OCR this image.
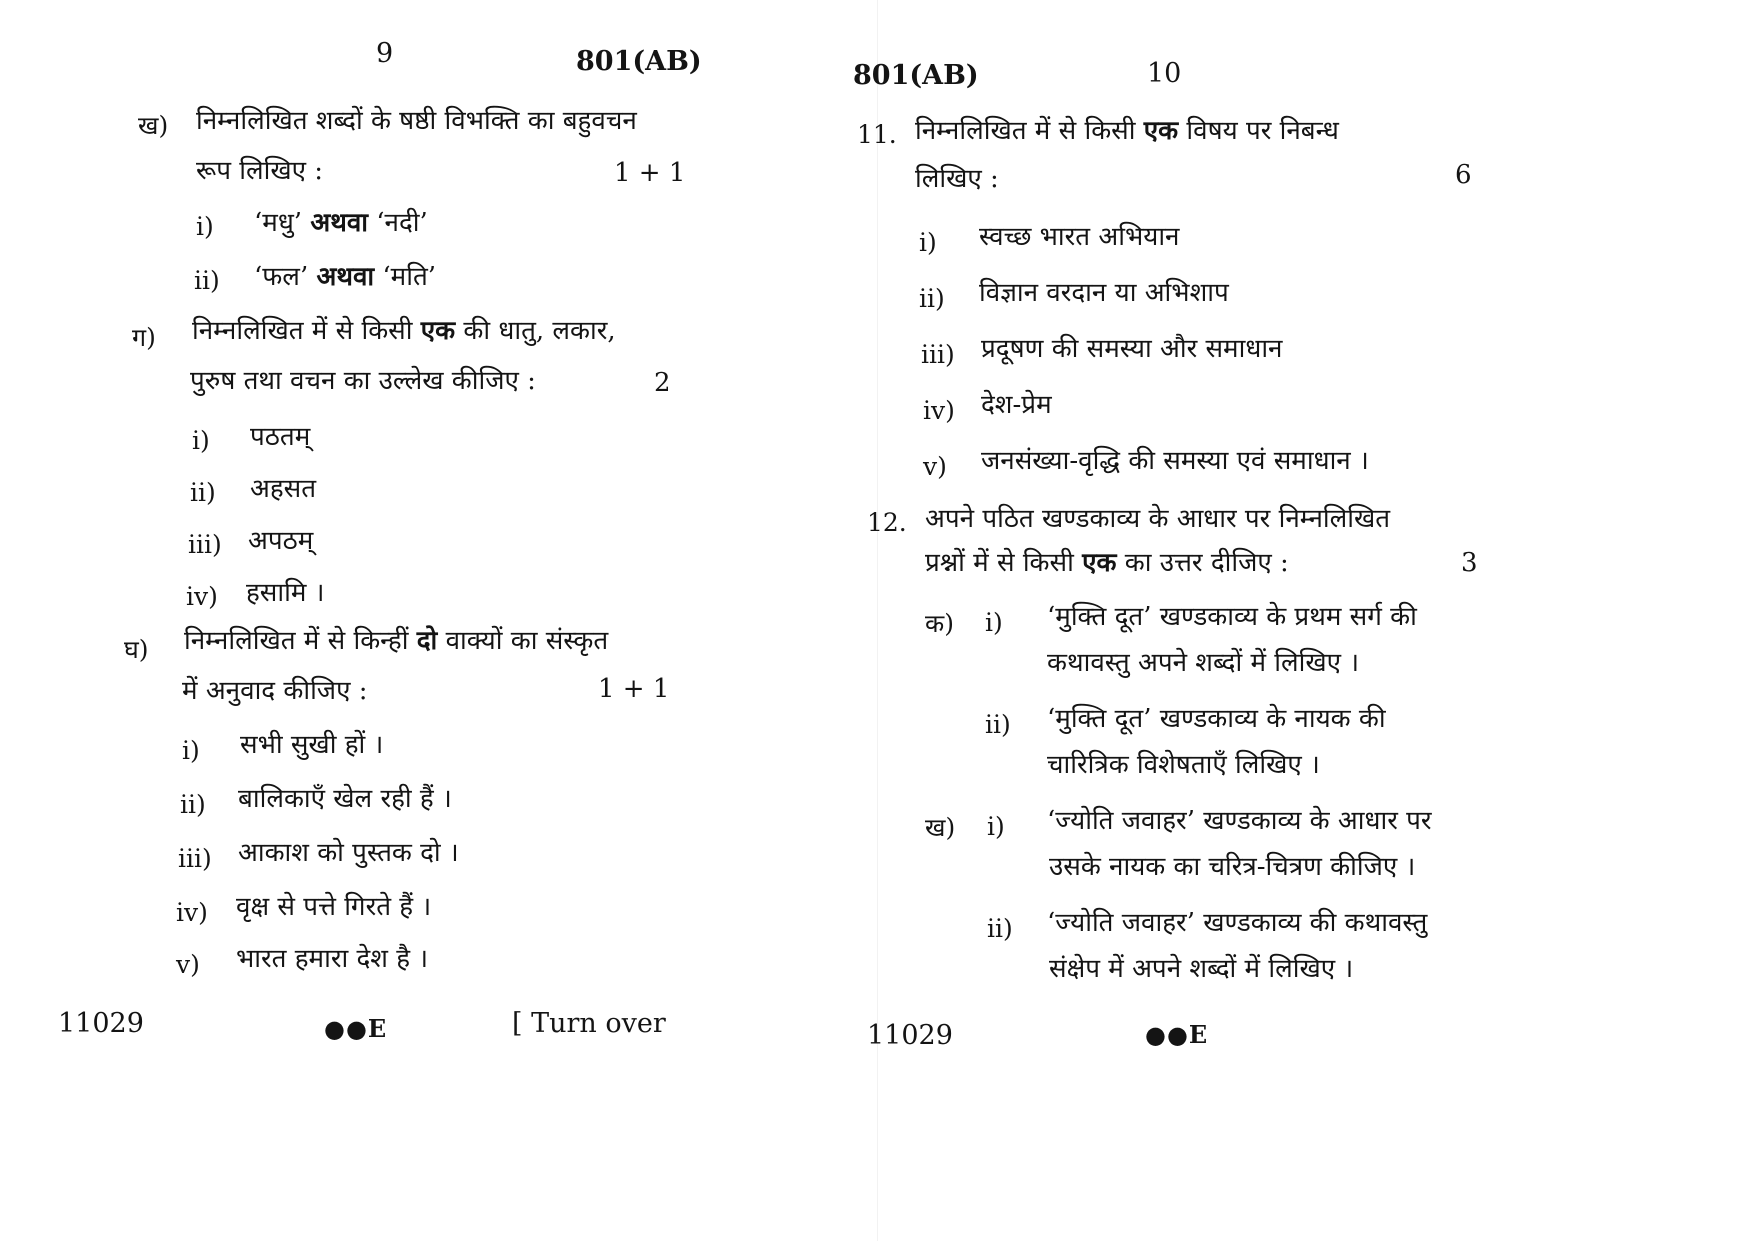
9	801(AB)
ख) निम्नलिखित शब्दों के षष्ठी विभक्ति का बहुवचन
रूप लिखिए :	1 + 1
i) ‘मधु’ अथवा ‘नदी’
ii) ‘फल’ अथवा ‘मति’
ग) निम्नलिखित में से किसी एक की धातु, लकार,
पुरुष तथा वचन का उल्लेख कीजिए :	2
i) पठतम्
ii) अहसत
iii) अपठम्
iv) हसामि ।
घ) निम्नलिखित में से किन्हीं दो वाक्यों का संस्कृत
में अनुवाद कीजिए :	1 + 1
i) सभी सुखी हों ।
ii) बालिकाएँ खेल रही हैं ।
iii) आकाश को पुस्तक दो ।
iv) वृक्ष से पत्ते गिरते हैं ।
v) भारत हमारा देश है ।
11029	●●E	[ Turn over
801(AB)	10
11. निम्नलिखित में से किसी एक विषय पर निबन्ध
लिखिए :	6
i) स्वच्छ भारत अभियान
ii) विज्ञान वरदान या अभिशाप
iii) प्रदूषण की समस्या और समाधान
iv) देश-प्रेम
v) जनसंख्या-वृद्धि की समस्या एवं समाधान ।
12. अपने पठित खण्डकाव्य के आधार पर निम्नलिखित
प्रश्नों में से किसी एक का उत्तर दीजिए :	3
क) i) ‘मुक्ति दूत’ खण्डकाव्य के प्रथम सर्ग की
कथावस्तु अपने शब्दों में लिखिए ।
ii) ‘मुक्ति दूत’ खण्डकाव्य के नायक की
चारित्रिक विशेषताएँ लिखिए ।
ख) i) ‘ज्योति जवाहर’ खण्डकाव्य के आधार पर
उसके नायक का चरित्र-चित्रण कीजिए ।
ii) ‘ज्योति जवाहर’ खण्डकाव्य की कथावस्तु
संक्षेप में अपने शब्दों में लिखिए ।
11029	●●E
